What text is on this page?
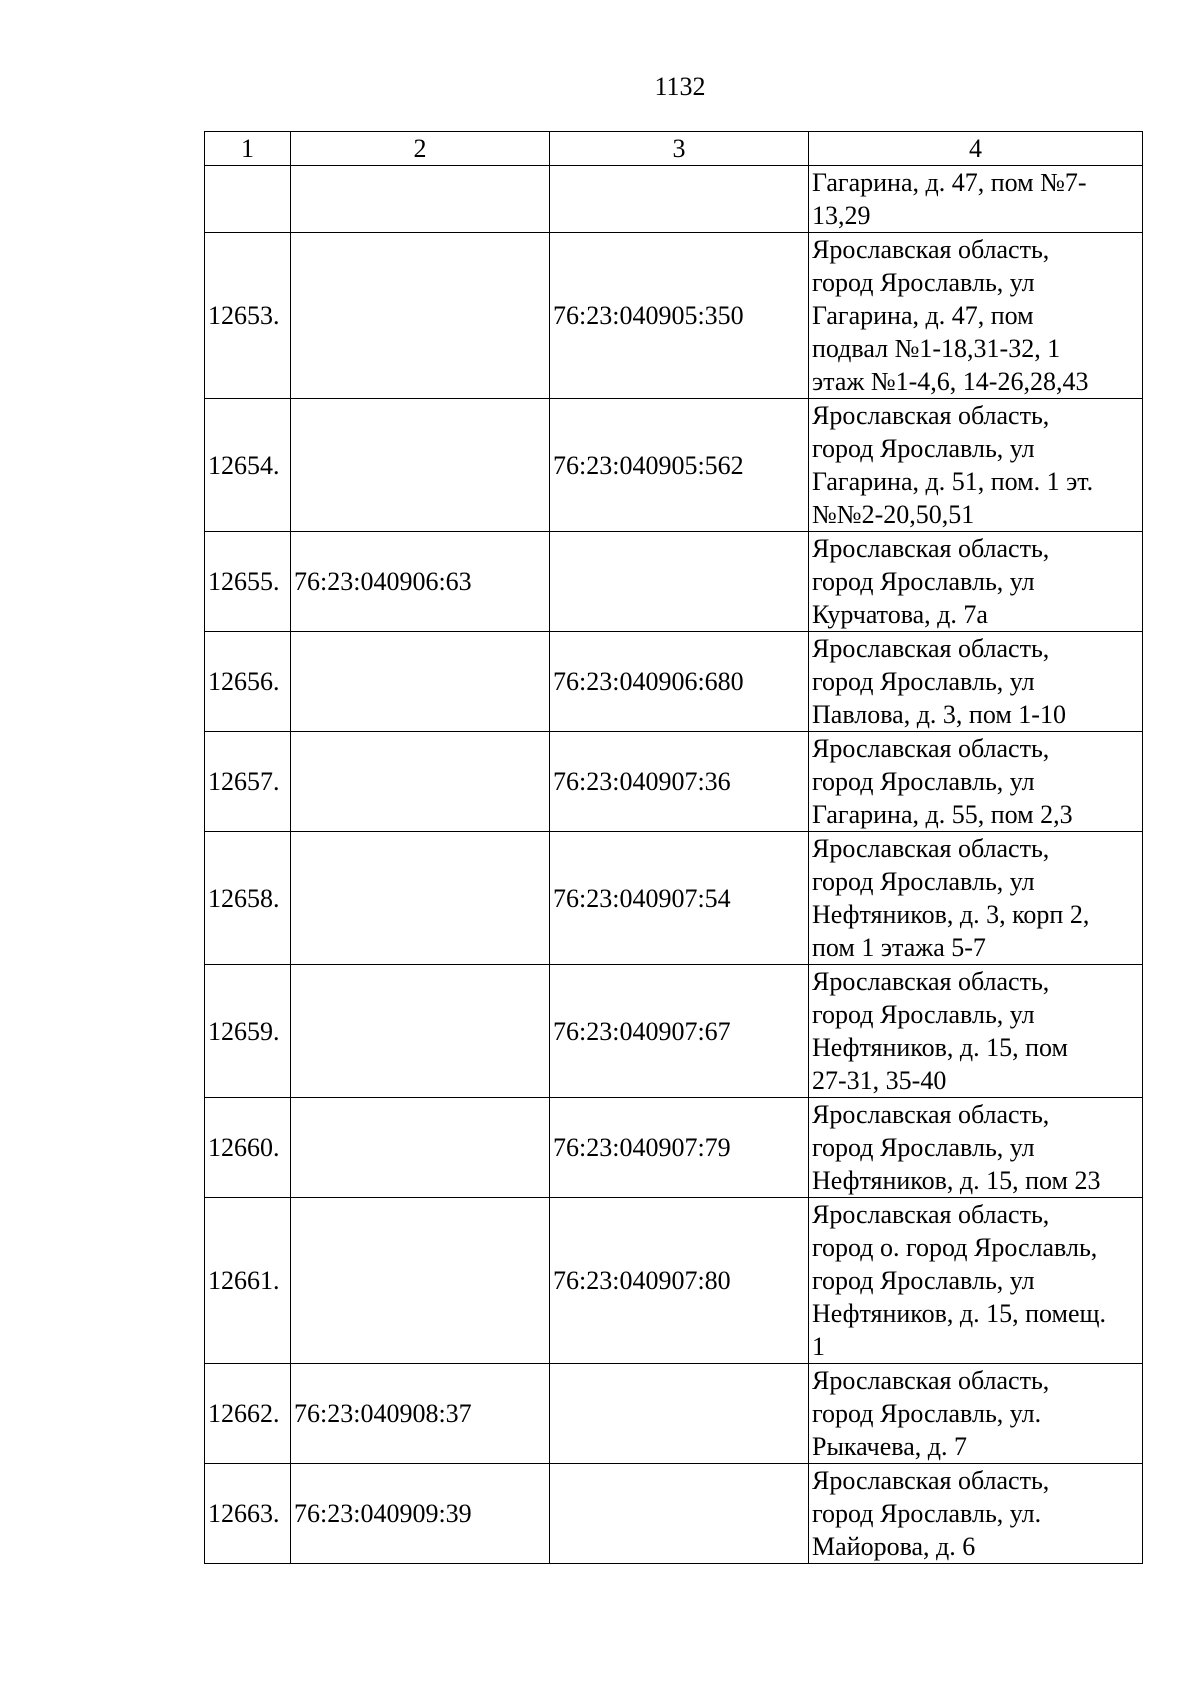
1132
1	2	3	4
			Гагарина, д. 47, пом №7-
13,29
12653.		76:23:040905:350	Ярославская область,
город Ярославль, ул
Гагарина, д. 47, пом
подвал №1-18,31-32, 1
этаж №1-4,6, 14-26,28,43
12654.		76:23:040905:562	Ярославская область,
город Ярославль, ул
Гагарина, д. 51, пом. 1 эт.
№№2-20,50,51
12655.	76:23:040906:63		Ярославская область,
город Ярославль, ул
Курчатова, д. 7а
12656.		76:23:040906:680	Ярославская область,
город Ярославль, ул
Павлова, д. 3, пом 1-10
12657.		76:23:040907:36	Ярославская область,
город Ярославль, ул
Гагарина, д. 55, пом 2,3
12658.		76:23:040907:54	Ярославская область,
город Ярославль, ул
Нефтяников, д. 3, корп 2,
пом 1 этажа 5-7
12659.		76:23:040907:67	Ярославская область,
город Ярославль, ул
Нефтяников, д. 15, пом
27-31, 35-40
12660.		76:23:040907:79	Ярославская область,
город Ярославль, ул
Нефтяников, д. 15, пом 23
12661.		76:23:040907:80	Ярославская область,
город о. город Ярославль,
город Ярославль, ул
Нефтяников, д. 15, помещ.
1
12662.	76:23:040908:37		Ярославская область,
город Ярославль, ул.
Рыкачева, д. 7
12663.	76:23:040909:39		Ярославская область,
город Ярославль, ул.
Майорова, д. 6
